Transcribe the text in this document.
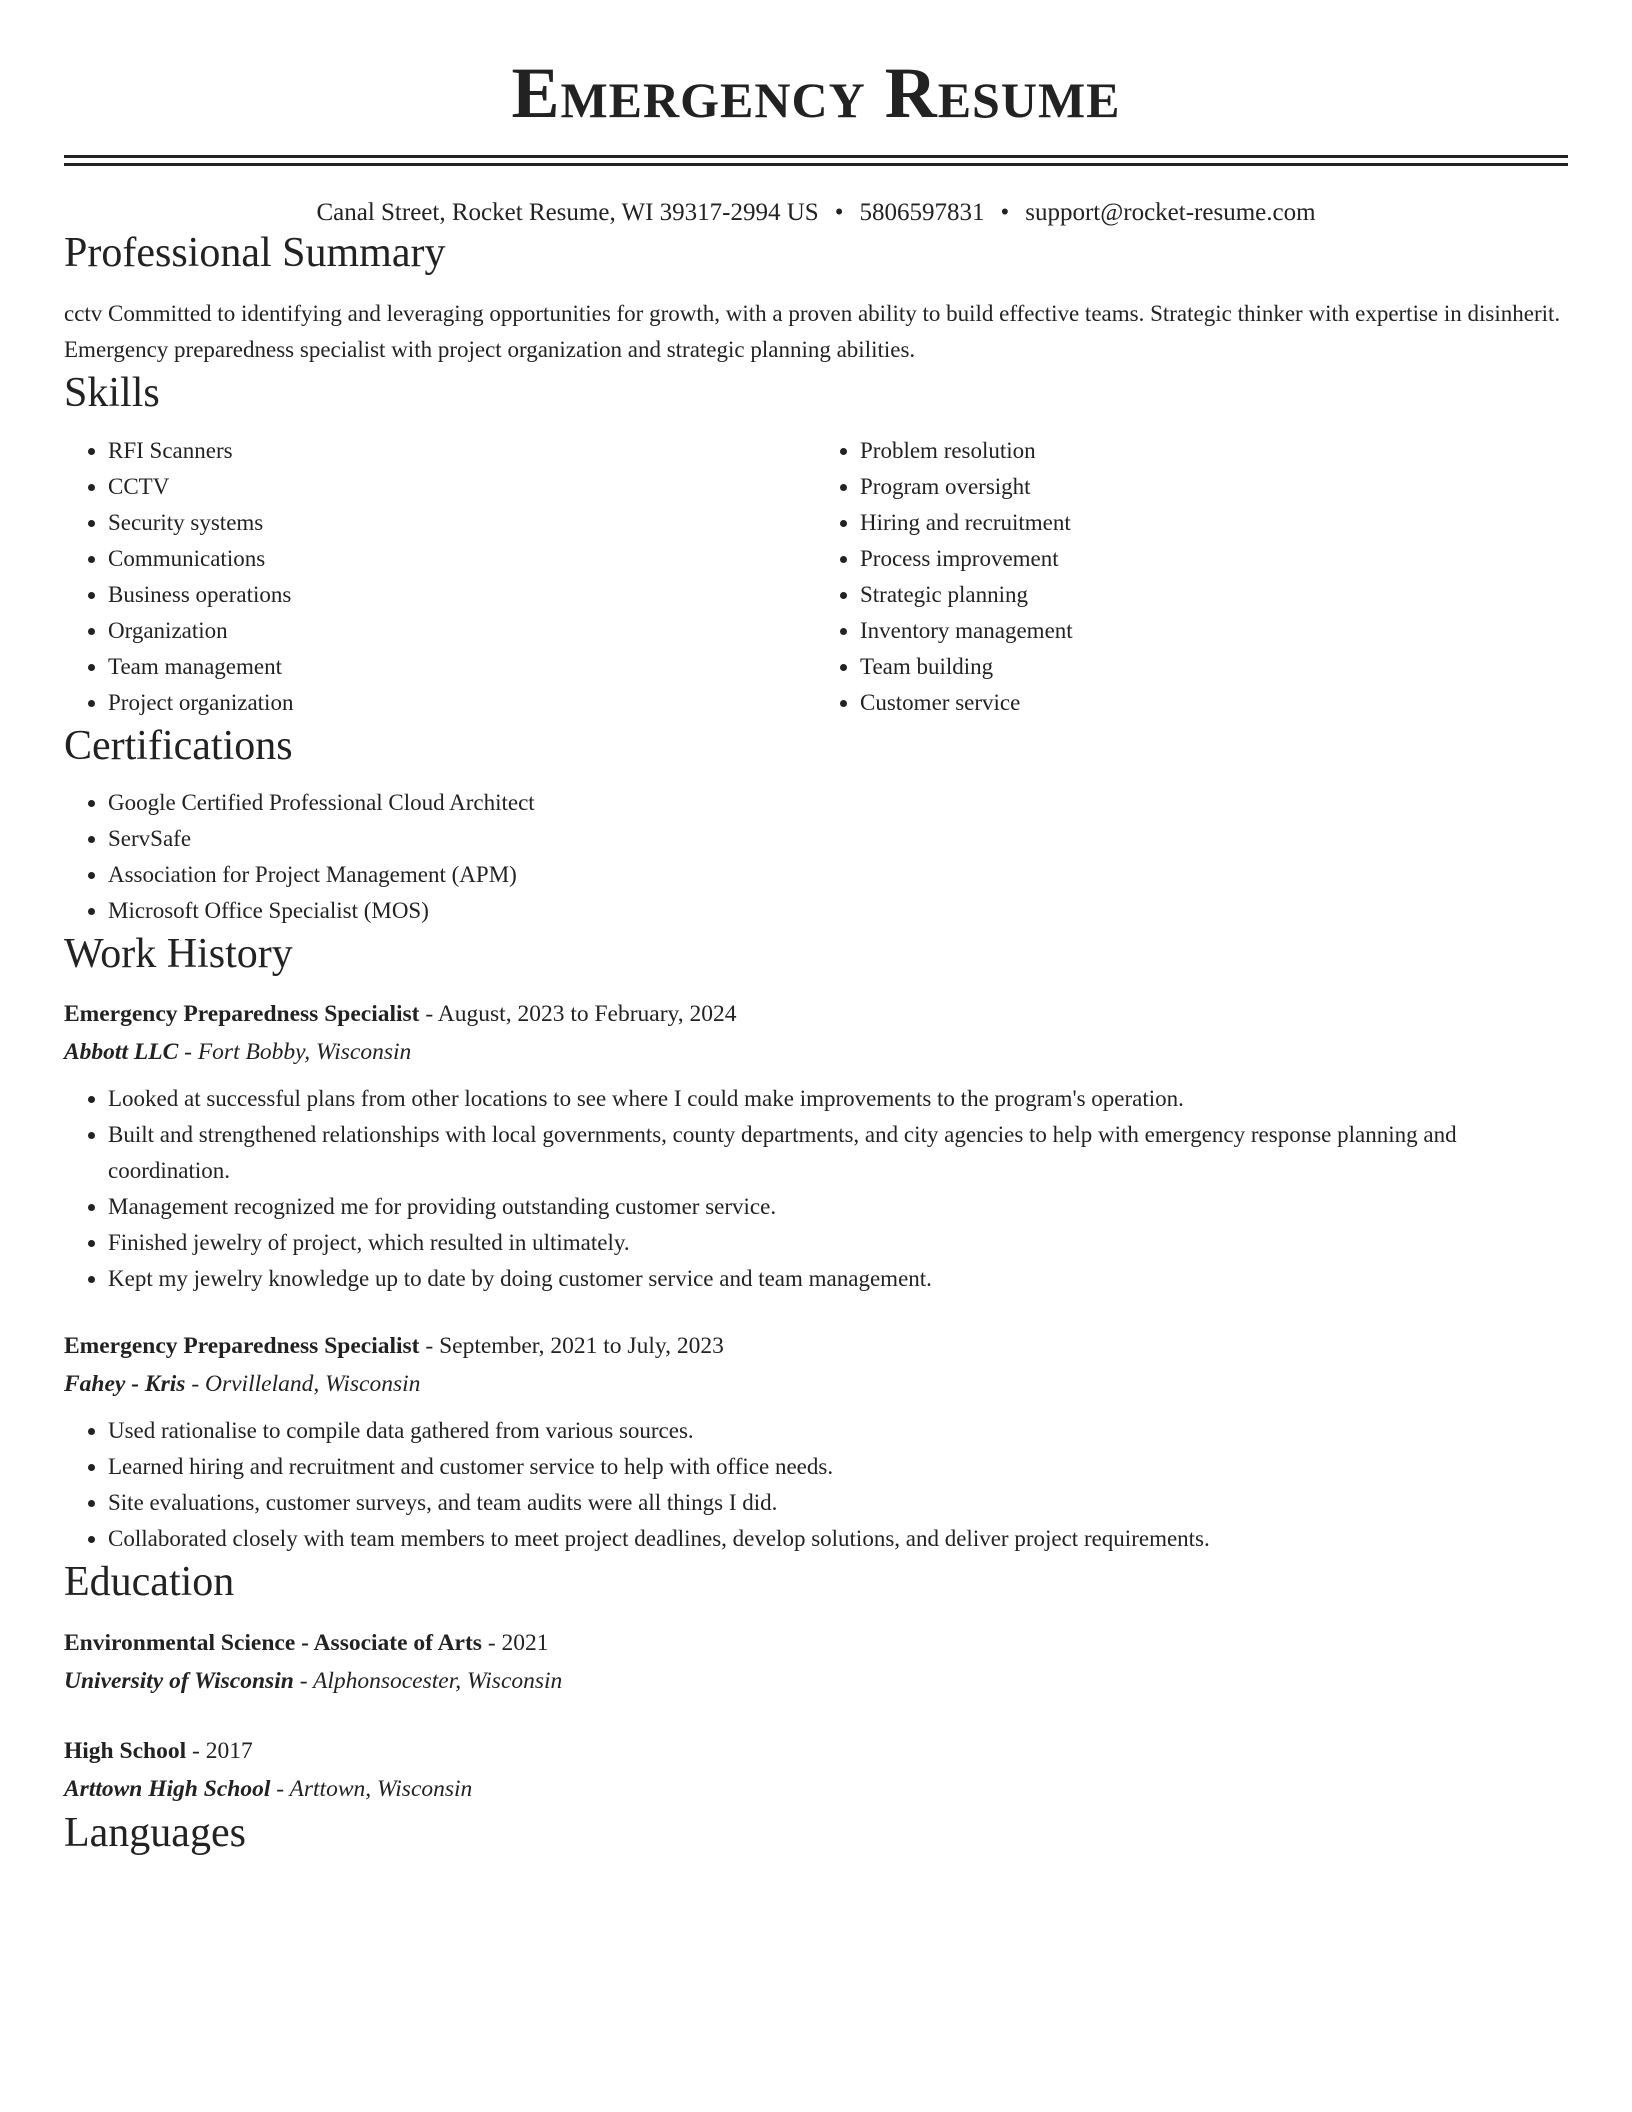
Emergency Resume
Canal Street, Rocket Resume, WI 39317-2994 US • 5806597831 • support@rocket-resume.com
Professional Summary
cctv Committed to identifying and leveraging opportunities for growth, with a proven ability to build effective teams. Strategic thinker with expertise in disinherit. Emergency preparedness specialist with project organization and strategic planning abilities.
Skills
• RFI Scanners
• CCTV
• Security systems
• Communications
• Business operations
• Organization
• Team management
• Project organization
• Problem resolution
• Program oversight
• Hiring and recruitment
• Process improvement
• Strategic planning
• Inventory management
• Team building
• Customer service
Certifications
• Google Certified Professional Cloud Architect
• ServSafe
• Association for Project Management (APM)
• Microsoft Office Specialist (MOS)
Work History
Emergency Preparedness Specialist - August, 2023 to February, 2024
Abbott LLC - Fort Bobby, Wisconsin
• Looked at successful plans from other locations to see where I could make improvements to the program's operation.
• Built and strengthened relationships with local governments, county departments, and city agencies to help with emergency response planning and coordination.
• Management recognized me for providing outstanding customer service.
• Finished jewelry of project, which resulted in ultimately.
• Kept my jewelry knowledge up to date by doing customer service and team management.
Emergency Preparedness Specialist - September, 2021 to July, 2023
Fahey - Kris - Orvilleland, Wisconsin
• Used rationalise to compile data gathered from various sources.
• Learned hiring and recruitment and customer service to help with office needs.
• Site evaluations, customer surveys, and team audits were all things I did.
• Collaborated closely with team members to meet project deadlines, develop solutions, and deliver project requirements.
Education
Environmental Science - Associate of Arts - 2021
University of Wisconsin - Alphonsocester, Wisconsin
High School - 2017
Arttown High School - Arttown, Wisconsin
Languages
